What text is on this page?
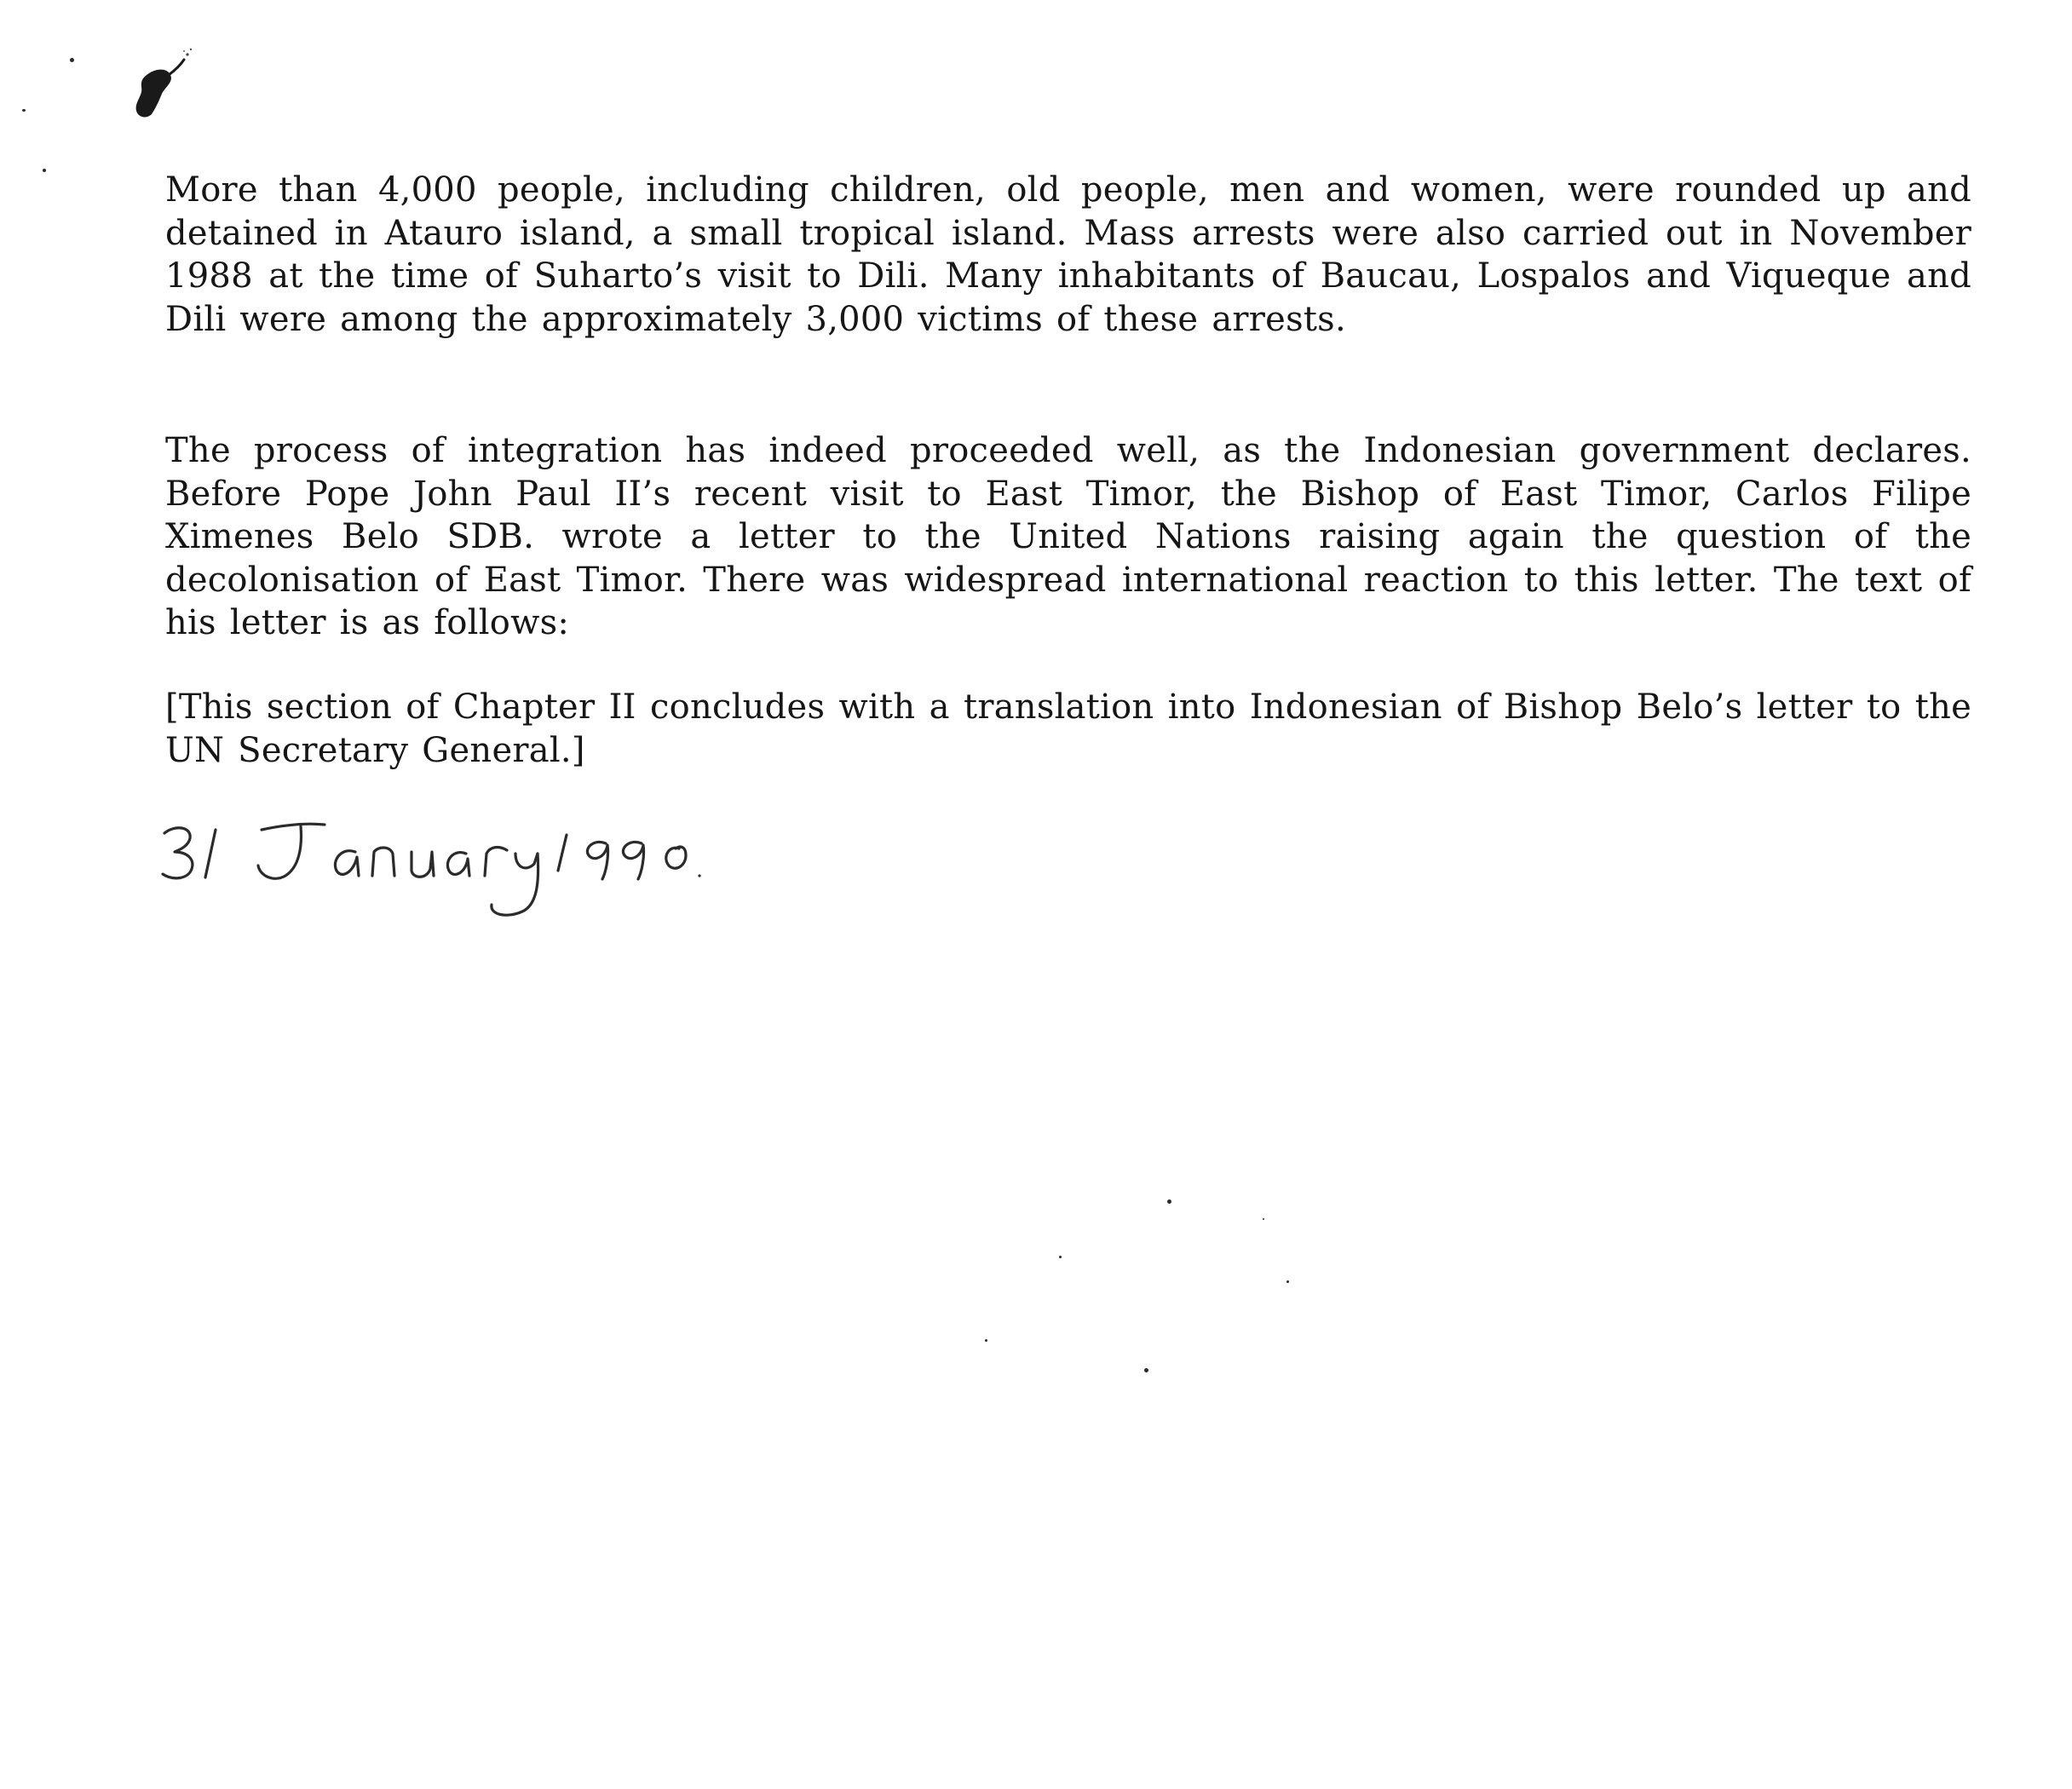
More than 4,000 people, including children, old people, men and women, were rounded up and detained in Atauro island, a small tropical island. Mass arrests were also carried out in November 1988 at the time of Suharto’s visit to Dili. Many inhabitants of Baucau, Lospalos and Viqueque and Dili were among the approximately 3,000 victims of these arrests.

The process of integration has indeed proceeded well, as the Indonesian government declares. Before Pope John Paul II’s recent visit to East Timor, the Bishop of East Timor, Carlos Filipe Ximenes Belo SDB. wrote a letter to the United Nations raising again the question of the decolonisation of East Timor. There was widespread international reaction to this letter. The text of his letter is as follows:

[This section of Chapter II concludes with a translation into Indonesian of Bishop Belo’s letter to the UN Secretary General.]
